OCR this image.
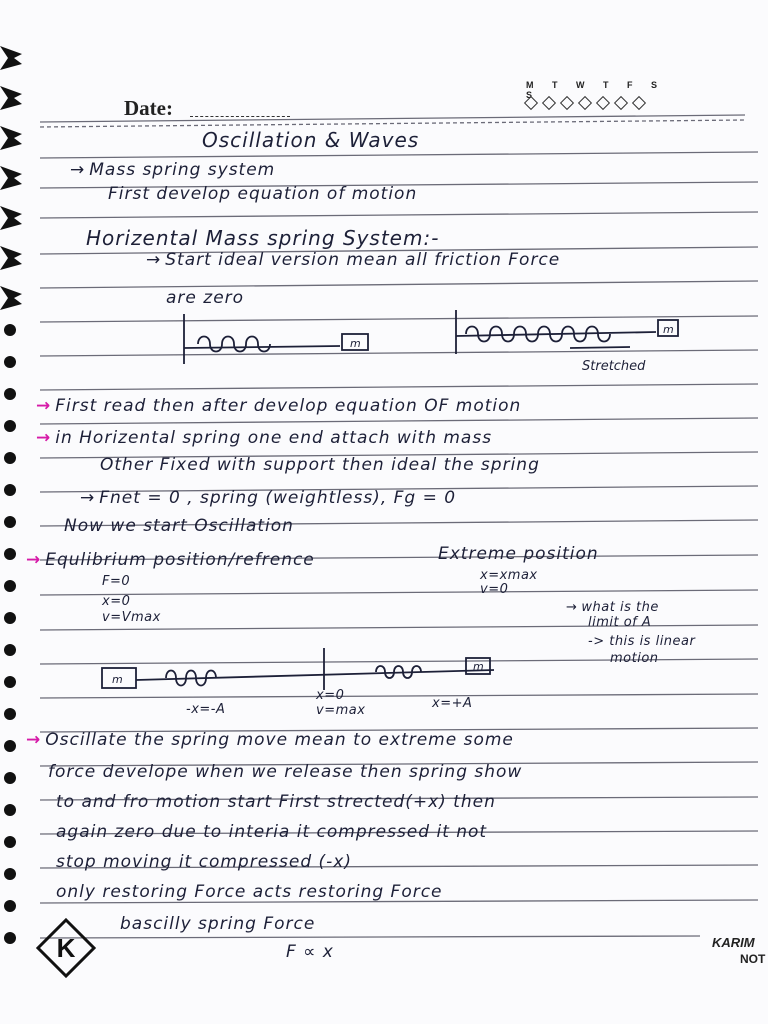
Date:
M T W T F S S
Oscillation & Waves
→ Mass spring system
First develop equation of motion
Horizental Mass spring System:-
→ Start ideal version mean all friction Force
are zero
m
m
Stretched
→ First read then after develop equation OF motion
→ in Horizental spring one end attach with mass
Other Fixed with support then ideal the spring
→ Fnet = 0 , spring (weightless), Fg = 0
Now we start Oscillation
→ Equlibrium position/refrence	Extreme position
F=0
x=0
v=Vmax
x=xmax
v=0
→ what is the
limit of A
-> this is linear
motion
m
m
-x=-A
x=0
v=max	x=+A
→ Oscillate the spring move mean to extreme some
force develope when we release then spring show
to and fro motion start First strected(+x) then
again zero due to interia it compressed it not
stop moving it compressed (-x)
only restoring Force acts restoring Force
bascilly spring Force
F ∝ x
K	KARIM
NOT
